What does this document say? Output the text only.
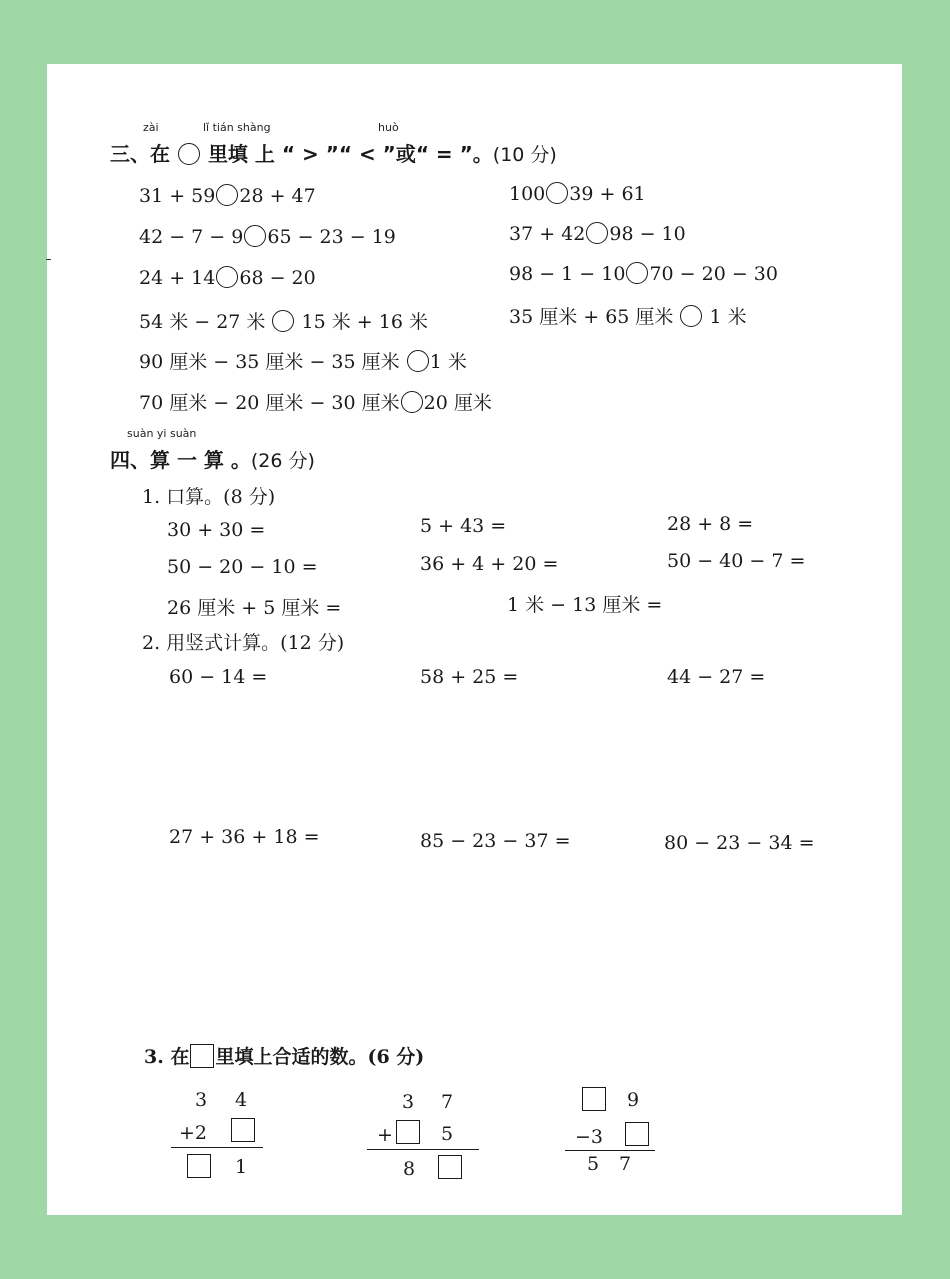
zài	lǐ tián shàng	huò
三、在 里填 上 “ > ”“ < ”或“ = ”。(10 分)
31 + 59 28 + 47
42 − 7 − 9 65 − 23 − 19
24 + 14 68 − 20
54 米 − 27 米 15 米 + 16 米
90 厘米 − 35 厘米 − 35 厘米 1 米
70 厘米 − 20 厘米 − 30 厘米 20 厘米
100 39 + 61
37 + 42 98 − 10
98 − 1 − 10 70 − 20 − 30
35 厘米 + 65 厘米 1 米
suàn yi suàn
四、算 一 算 。(26 分)
1. 口算。(8 分)
30 + 30 =	5 + 43 =	28 + 8 =
50 − 20 − 10 =	36 + 4 + 20 =	50 − 40 − 7 =
26 厘米 + 5 厘米 =	1 米 − 13 厘米 =
2. 用竖式计算。(12 分)
60 − 14 =	58 + 25 =	44 − 27 =
27 + 36 + 18 =	85 − 23 − 37 =	80 − 23 − 34 =
3. 在 里填上合适的数。(6 分)
3 4
+2
1
3 7
+	5
8
9
−3
5 7
